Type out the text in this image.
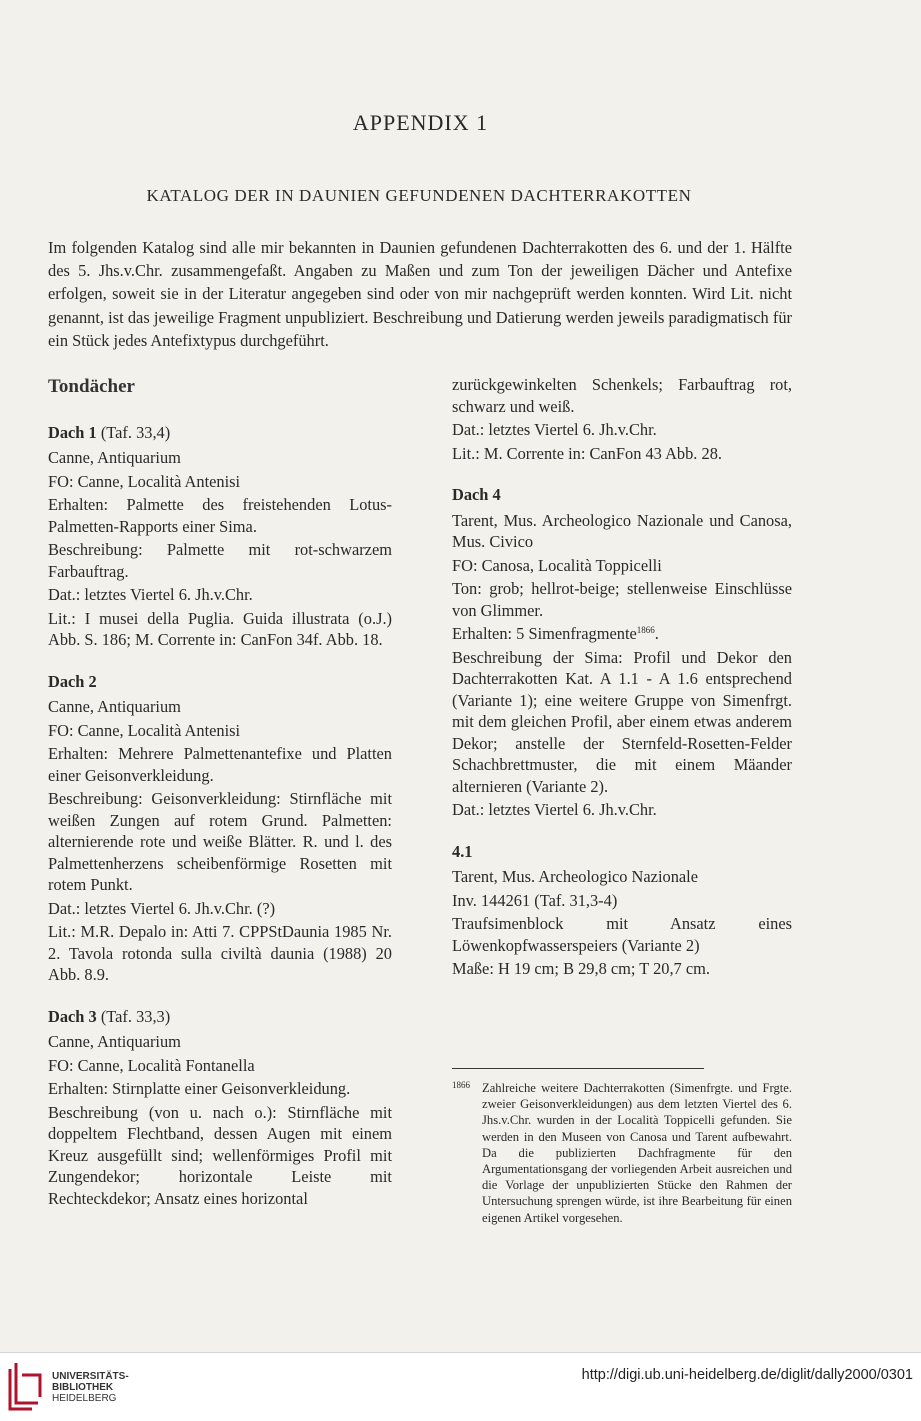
APPENDIX 1
KATALOG DER IN DAUNIEN GEFUNDENEN DACHTERRAKOTTEN

Im folgenden Katalog sind alle mir bekannten in Daunien gefundenen Dachterrakotten des 6. und der 1. Hälfte des 5. Jhs.v.Chr. zusammengefaßt. Angaben zu Maßen und zum Ton der jeweiligen Dächer und Antefixe erfolgen, soweit sie in der Literatur angegeben sind oder von mir nachgeprüft werden konnten. Wird Lit. nicht genannt, ist das jeweilige Fragment unpubliziert. Beschreibung und Datierung werden jeweils paradigmatisch für ein Stück jedes Antefixtypus durchgeführt.

Tondächer
Dach 1 (Taf. 33,4)

Canne, Antiquarium

FO: Canne, Località Antenisi

Erhalten: Palmette des freistehenden Lotus-Palmetten-Rapports einer Sima.

Beschreibung: Palmette mit rot-schwarzem Farbauftrag.

Dat.: letztes Viertel 6. Jh.v.Chr.

Lit.: I musei della Puglia. Guida illustrata (o.J.) Abb. S. 186; M. Corrente in: CanFon 34f. Abb. 18.

Dach 2

Canne, Antiquarium

FO: Canne, Località Antenisi

Erhalten: Mehrere Palmettenantefixe und Platten einer Geisonverkleidung.

Beschreibung: Geisonverkleidung: Stirnfläche mit weißen Zungen auf rotem Grund. Palmetten: alternierende rote und weiße Blätter. R. und l. des Palmettenherzens scheibenförmige Rosetten mit rotem Punkt.

Dat.: letztes Viertel 6. Jh.v.Chr. (?)

Lit.: M.R. Depalo in: Atti 7. CPPStDaunia 1985 Nr. 2. Tavola rotonda sulla civiltà daunia (1988) 20 Abb. 8.9.

Dach 3 (Taf. 33,3)

Canne, Antiquarium

FO: Canne, Località Fontanella

Erhalten: Stirnplatte einer Geisonverkleidung.

Beschreibung (von u. nach o.): Stirnfläche mit doppeltem Flechtband, dessen Augen mit einem Kreuz ausgefüllt sind; wellenförmiges Profil mit Zungendekor; horizontale Leiste mit Rechteckdekor; Ansatz eines horizontal

zurückgewinkelten Schenkels; Farbauftrag rot, schwarz und weiß.

Dat.: letztes Viertel 6. Jh.v.Chr.

Lit.: M. Corrente in: CanFon 43 Abb. 28.

Dach 4

Tarent, Mus. Archeologico Nazionale und Canosa, Mus. Civico

FO: Canosa, Località Toppicelli

Ton: grob; hellrot-beige; stellenweise Einschlüsse von Glimmer.

Erhalten: 5 Simenfragmente$^{1866}$.

Beschreibung der Sima: Profil und Dekor den Dachterrakotten Kat. A 1.1 - A 1.6 entsprechend (Variante 1); eine weitere Gruppe von Simenfrgt. mit dem gleichen Profil, aber einem etwas anderem Dekor; anstelle der Sternfeld-Rosetten-Felder Schachbrettmuster, die mit einem Mäander alternieren (Variante 2).

Dat.: letztes Viertel 6. Jh.v.Chr.

4.1

Tarent, Mus. Archeologico Nazionale

Inv. 144261 (Taf. 31,3-4)

Traufsimenblock mit Ansatz eines Löwenkopfwasserspeiers (Variante 2)

Maße: H 19 cm; B 29,8 cm; T 20,7 cm.

1866 Zahlreiche weitere Dachterrakotten (Simenfrgte. und Frgte. zweier Geisonverkleidungen) aus dem letzten Viertel des 6. Jhs.v.Chr. wurden in der Località Toppicelli gefunden. Sie werden in den Museen von Canosa und Tarent aufbewahrt. Da die publizierten Dachfragmente für den Argumentationsgang der vorliegenden Arbeit ausreichen und die Vorlage der unpublizierten Stücke den Rahmen der Untersuchung sprengen würde, ist ihre Bearbeitung für einen eigenen Artikel vorgesehen.
UNIVERSITÄTS-
BIBLIOTHEK
HEIDELBERG
http://digi.ub.uni-heidelberg.de/diglit/dally2000/0301
